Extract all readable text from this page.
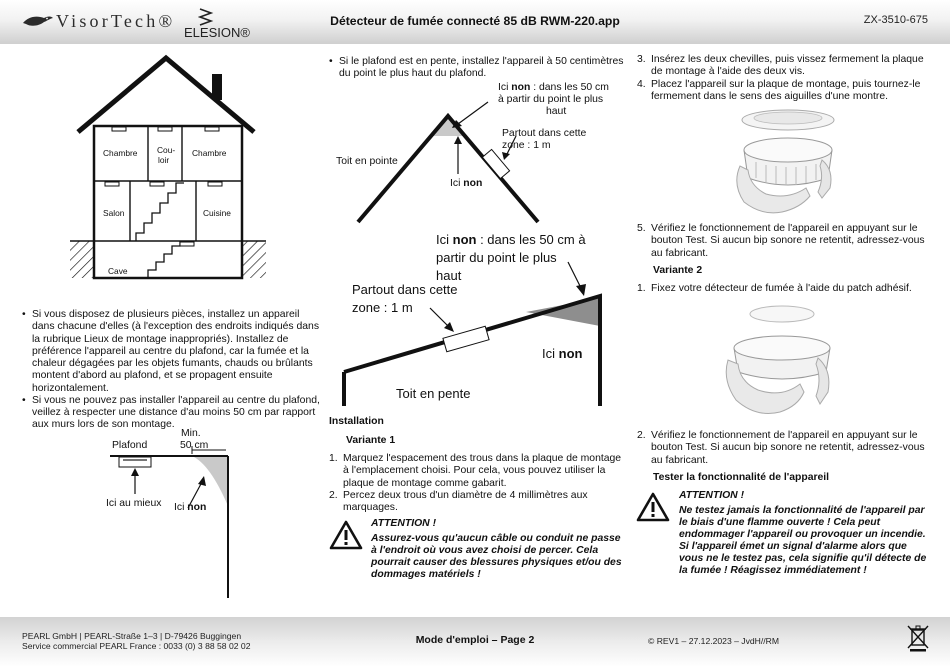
VisorTech®
ELESION®
Détecteur de fumée connecté 85 dB RWM-220.app	ZX-3510-675
Chambre Cou-
loir
Chambre
Salon	Cuisine
Cave
• Si vous disposez de plusieurs pièces, installez un appareil dans chacune d'elles (à l'exception des endroits indiqués dans la rubrique Lieux de montage inappropriés). Installez de préférence l'appareil au centre du plafond, car la fumée et la chaleur dégagées par les objets fumants, chauds ou brûlants montent d'abord au plafond, et se propagent ensuite horizontalement.
• Si vous ne pouvez pas installer l'appareil au centre du plafond, veillez à respecter une distance d'au moins 50 cm par rapport aux murs lors de son montage.
Min.
50 cm
Plafond
Ici au mieux Ici non
• Si le plafond est en pente, installez l'appareil à 50 centimètres du point le plus haut du plafond.
Ici non : dans les 50 cm
à partir du point le plus
haut
Partout dans cette
zone : 1 m
Toit en pointe
Ici non
Ici non : dans les 50 cm à
partir du point le plus
haut
Partout dans cette
zone : 1 m
Ici non
Toit en pente
Installation
Variante 1
1. Marquez l'espacement des trous dans la plaque de montage à l'emplacement choisi. Pour cela, vous pouvez utiliser la plaque de montage comme gabarit.
2. Percez deux trous d'un diamètre de 4 millimètres aux marquages.
ATTENTION !
Assurez-vous qu'aucun câble ou conduit ne passe à l'endroit où vous avez choisi de percer. Cela pourrait causer des blessures physiques et/ou des dommages matériels !
3. Insérez les deux chevilles, puis vissez fermement la plaque de montage à l'aide des deux vis.
4. Placez l'appareil sur la plaque de montage, puis tournez-le fermement dans le sens des aiguilles d'une montre.
5. Vérifiez le fonctionnement de l'appareil en appuyant sur le bouton Test. Si aucun bip sonore ne retentit, adressez-vous au fabricant.
Variante 2
1. Fixez votre détecteur de fumée à l'aide du patch adhésif.
2. Vérifiez le fonctionnement de l'appareil en appuyant sur le bouton Test. Si aucun bip sonore ne retentit, adressez-vous au fabricant.
Tester la fonctionnalité de l'appareil
ATTENTION !
Ne testez jamais la fonctionnalité de l'appareil par le biais d'une flamme ouverte ! Cela peut endommager l'appareil ou provoquer un incendie. Si l'appareil émet un signal d'alarme alors que vous ne le testez pas, cela signifie qu'il détecte de la fumée ! Réagissez immédiatement !
PEARL GmbH | PEARL-Straße 1–3 | D-79426 Buggingen
Service commercial PEARL France : 0033 (0) 3 88 58 02 02
Mode d'emploi – Page 2	© REV1 – 27.12.2023 – JvdH//RM
